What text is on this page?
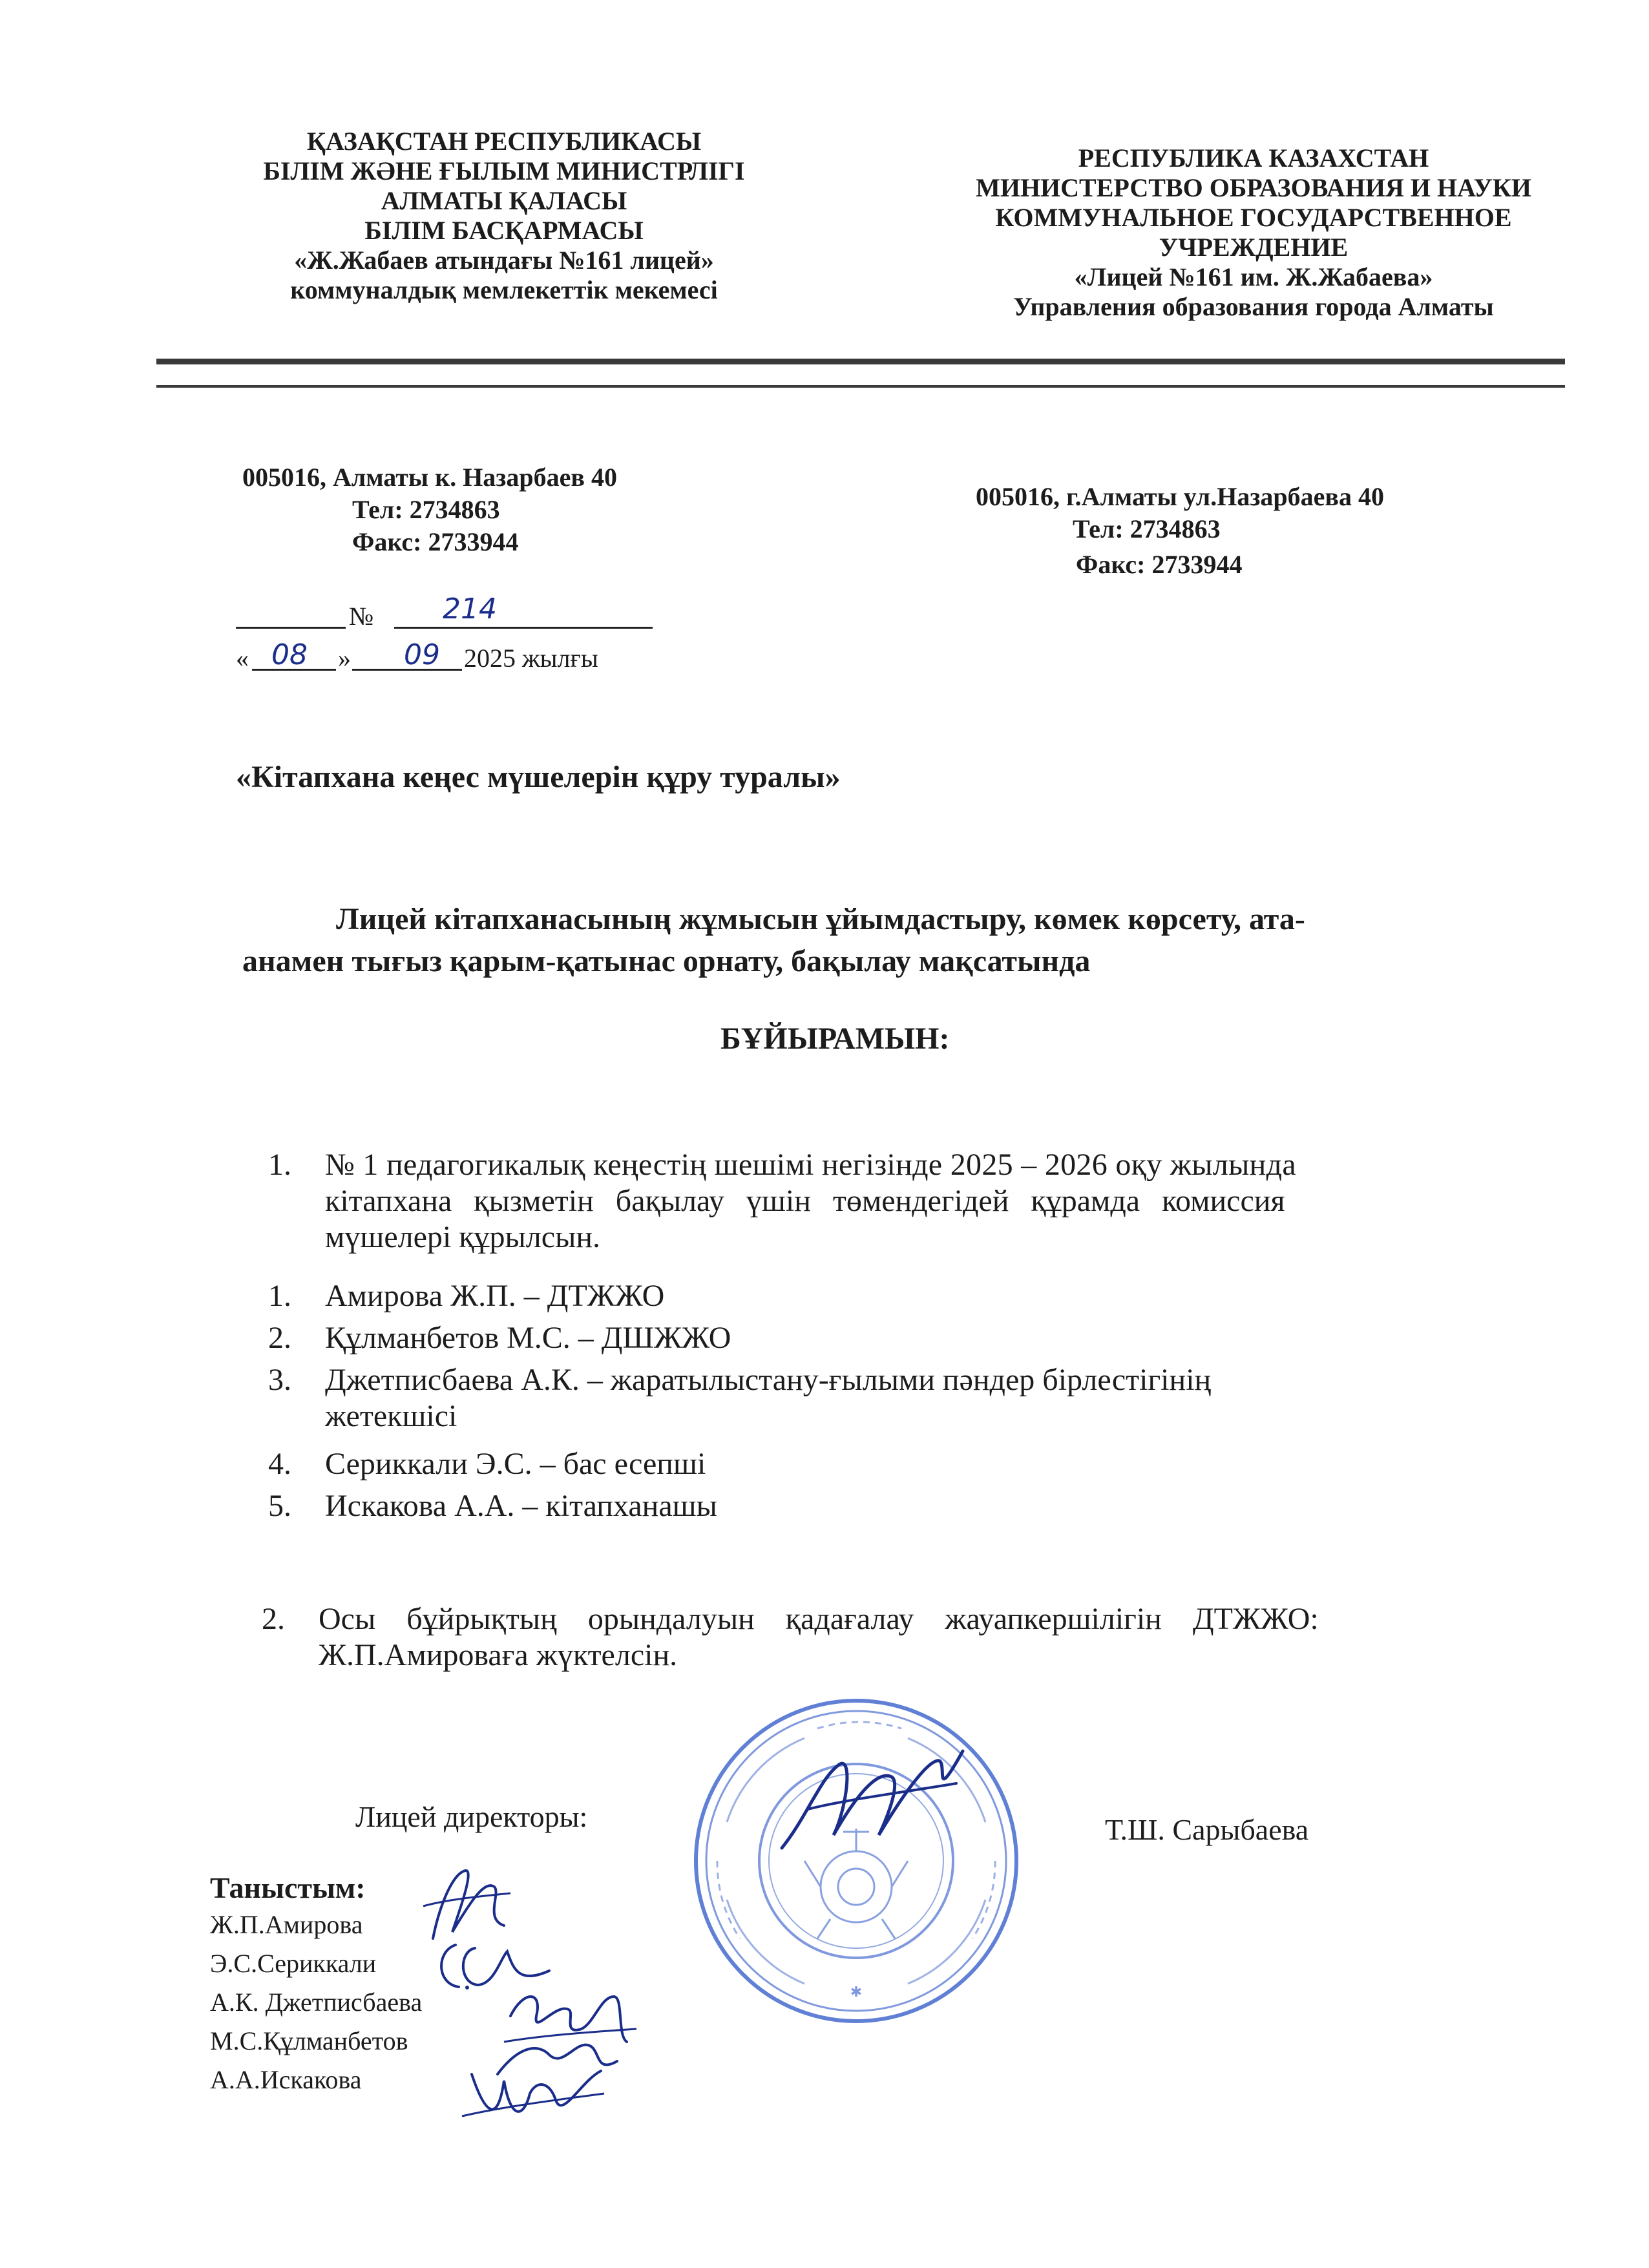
ҚАЗАҚСТАН РЕСПУБЛИКАСЫ
БІЛІМ ЖӘНЕ ҒЫЛЫМ МИНИСТРЛІГІ
АЛМАТЫ ҚАЛАСЫ
БІЛІМ БАСҚАРМАСЫ
«Ж.Жабаев атындағы №161 лицей»
коммуналдық мемлекеттік мекемесі
РЕСПУБЛИКА КАЗАХСТАН
МИНИСТЕРСТВО ОБРАЗОВАНИЯ И НАУКИ
КОММУНАЛЬНОЕ ГОСУДАРСТВЕННОЕ
УЧРЕЖДЕНИЕ
«Лицей №161 им. Ж.Жабаева»
Управления образования города Алматы
005016, Алматы к. Назарбаев 40
Тел: 2734863
Факс: 2733944
005016, г.Алматы ул.Назарбаева 40
Тел: 2734863
Факс: 2733944
№ 214
« 08 » 09 2025 жылғы
«Кітапхана кеңес мүшелерін құру туралы»
Лицей кітапханасының жұмысын ұйымдастыру, көмек көрсету, ата-
анамен тығыз қарым-қатынас орнату, бақылау мақсатында
БҰЙЫРАМЫН:
1. № 1 педагогикалық кеңестің шешімі негізінде 2025 – 2026 оқу жылында
кітапхана қызметін бақылау үшін төмендегідей құрамда комиссия
мүшелері құрылсын.
1. Амирова Ж.П. – ДТЖЖО
2. Құлманбетов М.С. – ДШЖЖО
3. Джетписбаева А.К. – жаратылыстану-ғылыми пәндер бірлестігінің
жетекшісі
4. Сериккали Э.С. – бас есепші
5. Искакова А.А. – кітапханашы
2. Осы бұйрықтың орындалуын қадағалау жауапкершілігін ДТЖЖО:
Ж.П.Амироваға жүктелсін.
Лицей директоры:	Т.Ш. Сарыбаева
✱
Таныстым:
Ж.П.Амирова
Э.С.Сериккали
А.К. Джетписбаева
М.С.Құлманбетов
А.А.Искакова
